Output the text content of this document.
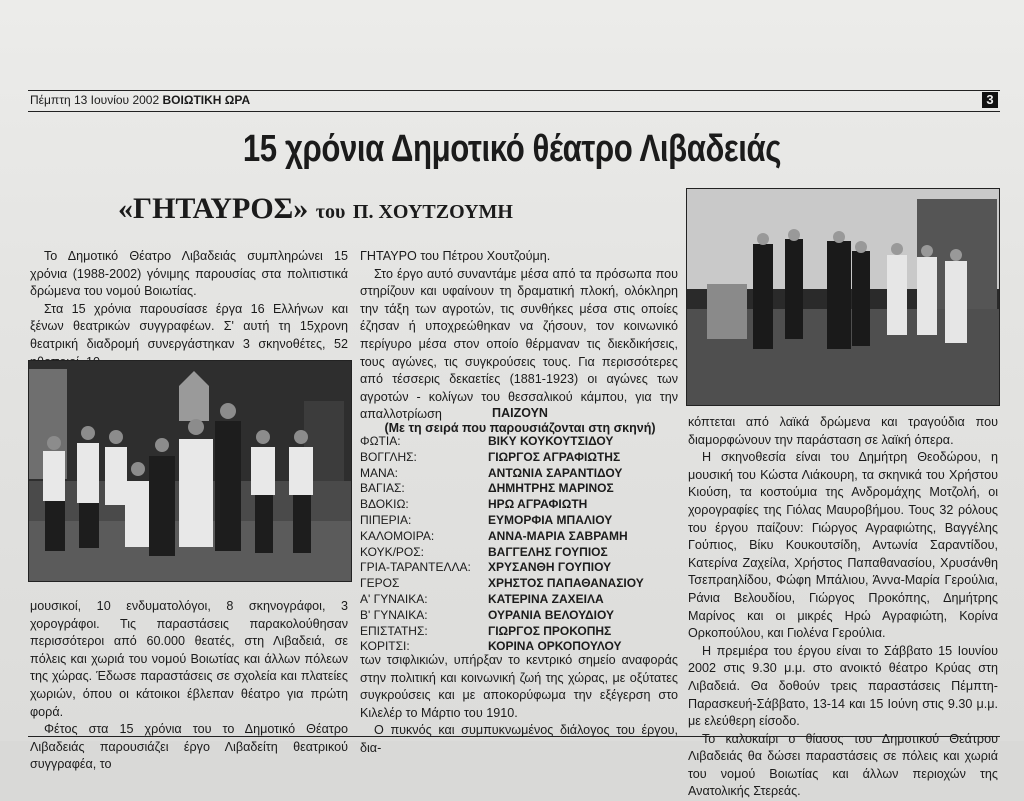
Πέμπτη 13 Ιουνίου 2002 ΒΟΙΩΤΙΚΗ ΩΡΑ	3
15 χρόνια Δημοτικό θέατρο Λιβαδειάς
«ΓΗΤΑΥΡΟΣ» του Π. ΧΟΥΤΖΟΥΜΗ

Το Δημοτικό Θέατρο Λιβαδειάς συμπληρώνει 15 χρόνια (1988-2002) γόνιμης παρουσίας στα πολιτιστικά δρώμενα του νομού Βοιωτίας.

Στα 15 χρόνια παρουσίασε έργα 16 Ελλήνων και ξένων θεατρικών συγγραφέων. Σ' αυτή τη 15χρονη θεατρική διαδρομή συνεργάστηκαν 3 σκηνοθέτες, 52

μουσικοί, 10 ενδυματολόγοι, 8 σκηνογράφοι, 3 χορογράφοι. Τις παραστάσεις παρακολούθησαν περισσότεροι από 60.000 θεατές, στη Λιβαδειά, σε πόλεις και χωριά του νομού Βοιωτίας και άλλων πόλεων της χώρας. Έδωσε παραστάσεις σε σχολεία και πλατείες χωριών, όπου οι κάτοικοι έβλεπαν θέατρο για πρώτη φορά.

Φέτος στα 15 χρόνια του το Δημοτικό Θέατρο Λιβαδειάς παρουσιάζει έργο Λιβαδείτη θεατρικού συγγραφέα, το

ΓΗΤΑΥΡΟ του Πέτρου Χουτζούμη.

Στο έργο αυτό συναντάμε μέσα από τα πρόσωπα που στηρίζουν και υφαίνουν τη δραματική πλοκή, ολόκληρη την τάξη των αγροτών, τις συνθήκες μέσα στις οποίες έζησαν ή υποχρεώθηκαν να ζήσουν, τον κοινωνικό περίγυρο μέσα στον οποίο θέρμαναν τις διεκδικήσεις, τους αγώνες, τις συγκρούσεις τους. Για περισσότερες από τέσσερις δεκαετίες (1881-1923) οι αγώνες των αγροτών - κολίγων του θεσσαλικού κάμπου, για την απαλλοτρίωση	ΠΑΙΖΟΥΝ
(Με τη σειρά που παρουσιάζονται στη σκηνή)
ΦΩΤΙΑ:	ΒΙΚΥ ΚΟΥΚΟΥΤΣΙΔΟΥ
ΒΟΓΓΛΗΣ:	ΓΙΩΡΓΟΣ ΑΓΡΑΦΙΩΤΗΣ
ΜΑΝΑ:	ΑΝΤΩΝΙΑ ΣΑΡΑΝΤΙΔΟΥ
ΒΑΓΙΑΣ:	ΔΗΜΗΤΡΗΣ ΜΑΡΙΝΟΣ
ΒΔΟΚΙΩ:	ΗΡΩ ΑΓΡΑΦΙΩΤΗ
ΠΙΠΕΡΙΑ:	ΕΥΜΟΡΦΙΑ ΜΠΑΛΙΟΥ
ΚΑΛΟΜΟΙΡΑ:	ΑΝΝΑ-ΜΑΡΙΑ ΣΑΒΡΑΜΗ
ΚΟΥΚ/ΡΟΣ:	ΒΑΓΓΕΛΗΣ ΓΟΥΠΙΟΣ
ΓΡΙΑ-ΤΑΡΑΝΤΕΛΛΑ:	ΧΡΥΣΑΝΘΗ ΓΟΥΠΙΟΥ
ΓΕΡΟΣ	ΧΡΗΣΤΟΣ ΠΑΠΑΘΑΝΑΣΙΟΥ
Α' ΓΥΝΑΙΚΑ:	ΚΑΤΕΡΙΝΑ ΖΑΧΕΙΛΑ
Β' ΓΥΝΑΙΚΑ:	ΟΥΡΑΝΙΑ ΒΕΛΟΥΔΙΟΥ
ΕΠΙΣΤΑΤΗΣ:	ΓΙΩΡΓΟΣ ΠΡΟΚΟΠΗΣ
ΚΟΡΙΤΣΙ:	ΚΟΡΙΝΑ ΟΡΚΟΠΟΥΛΟΥ

των τσιφλικιών, υπήρξαν το κεντρικό σημείο αναφοράς στην πολιτική και κοινωνική ζωή της χώρας, με οξύτατες συγκρούσεις και με αποκορύφωμα την εξέγερση στο Κιλελέρ το Μάρτιο του 1910.

Ο πυκνός και συμπυκνωμένος διάλογος του έργου, δια-

κόπτεται από λαϊκά δρώμενα και τραγούδια που διαμορφώνουν την παράσταση σε λαϊκή όπερα.

Η σκηνοθεσία είναι του Δημήτρη Θεοδώρου, η μουσική του Κώστα Λιάκουρη, τα σκηνικά του Χρήστου Κιούση, τα κοστούμια της Ανδρομάχης Μοτζολή, οι χορογραφίες της Γιόλας Μαυροβήμου. Τους 32 ρόλους του έργου παίζουν: Γιώργος Αγραφιώτης, Βαγγέλης Γούπιος, Βίκυ Κουκουτσίδη, Αντωνία Σαραντίδου, Κατερίνα Ζαχείλα, Χρήστος Παπαθανασίου, Χρυσάνθη Τσεπραηλίδου, Φώφη Μπάλιου, Άννα-Μαρία Γερούλια, Ράνια Βελουδίου, Γιώργος Προκόπης, Δημήτρης Μαρίνος και οι μικρές Ηρώ Αγραφιώτη, Κορίνα Ορκοπούλου, και Γιολένα Γερούλια.

Η πρεμιέρα του έργου είναι το Σάββατο 15 Ιουνίου 2002 στις 9.30 μ.μ. στο ανοικτό θέατρο Κρύας στη Λιβαδειά. Θα δοθούν τρεις παραστάσεις Πέμπτη-Παρασκευή-Σάββατο, 13-14 και 15 Ιούνη στις 9.30 μ.μ. με ελεύθερη είσοδο.

Το καλοκαίρι ο θίασος του Δημοτικού Θεάτρου Λιβαδειάς θα δώσει παραστάσεις σε πόλεις και χωριά του νομού Βοιωτίας και άλλων περιοχών της Ανατολικής Στερεάς.
